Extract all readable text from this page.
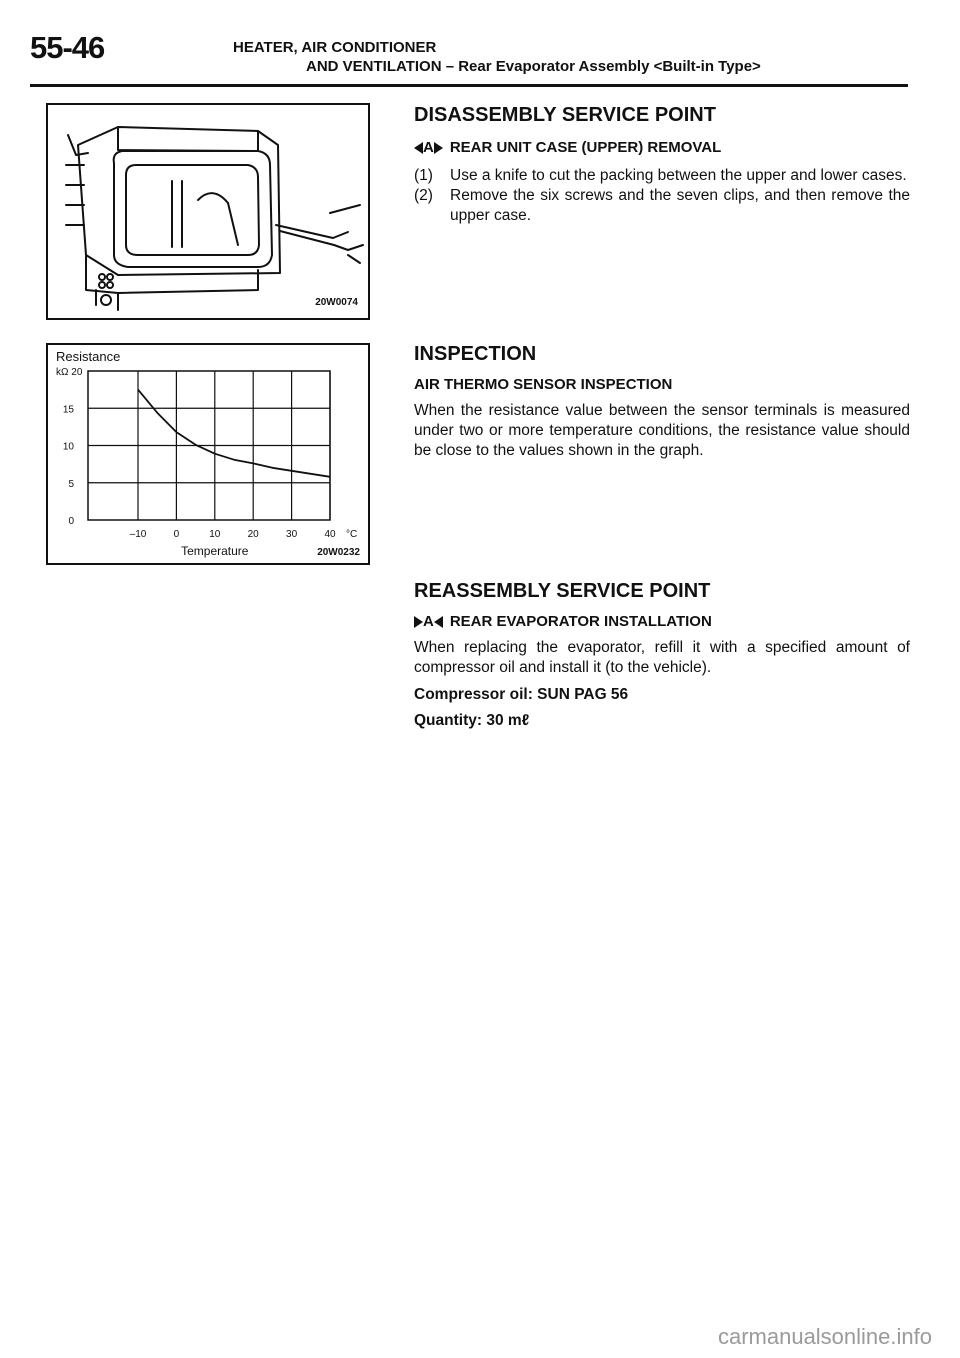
55-46	HEATER, AIR CONDITIONER
AND VENTILATION – Rear Evaporator Assembly <Built-in Type>
20W0074
0
5
10
15
kΩ 20
Resistance
–10	0	10	20	30	40 °C
Temperature	20W0232
DISASSEMBLY SERVICE POINT
A REAR UNIT CASE (UPPER) REMOVAL
(1)	Use a knife to cut the packing between the upper and lower cases.
(2)	Remove the six screws and the seven clips, and then remove the upper case.
INSPECTION
AIR THERMO SENSOR INSPECTION
When the resistance value between the sensor terminals is measured under two or more temperature conditions, the resistance value should be close to the values shown in the graph.
REASSEMBLY SERVICE POINT
A REAR EVAPORATOR INSTALLATION
When replacing the evaporator, refill it with a specified amount of compressor oil and install it (to the vehicle).
Compressor oil: SUN PAG 56
Quantity: 30 mℓ
carmanualsonline.info
